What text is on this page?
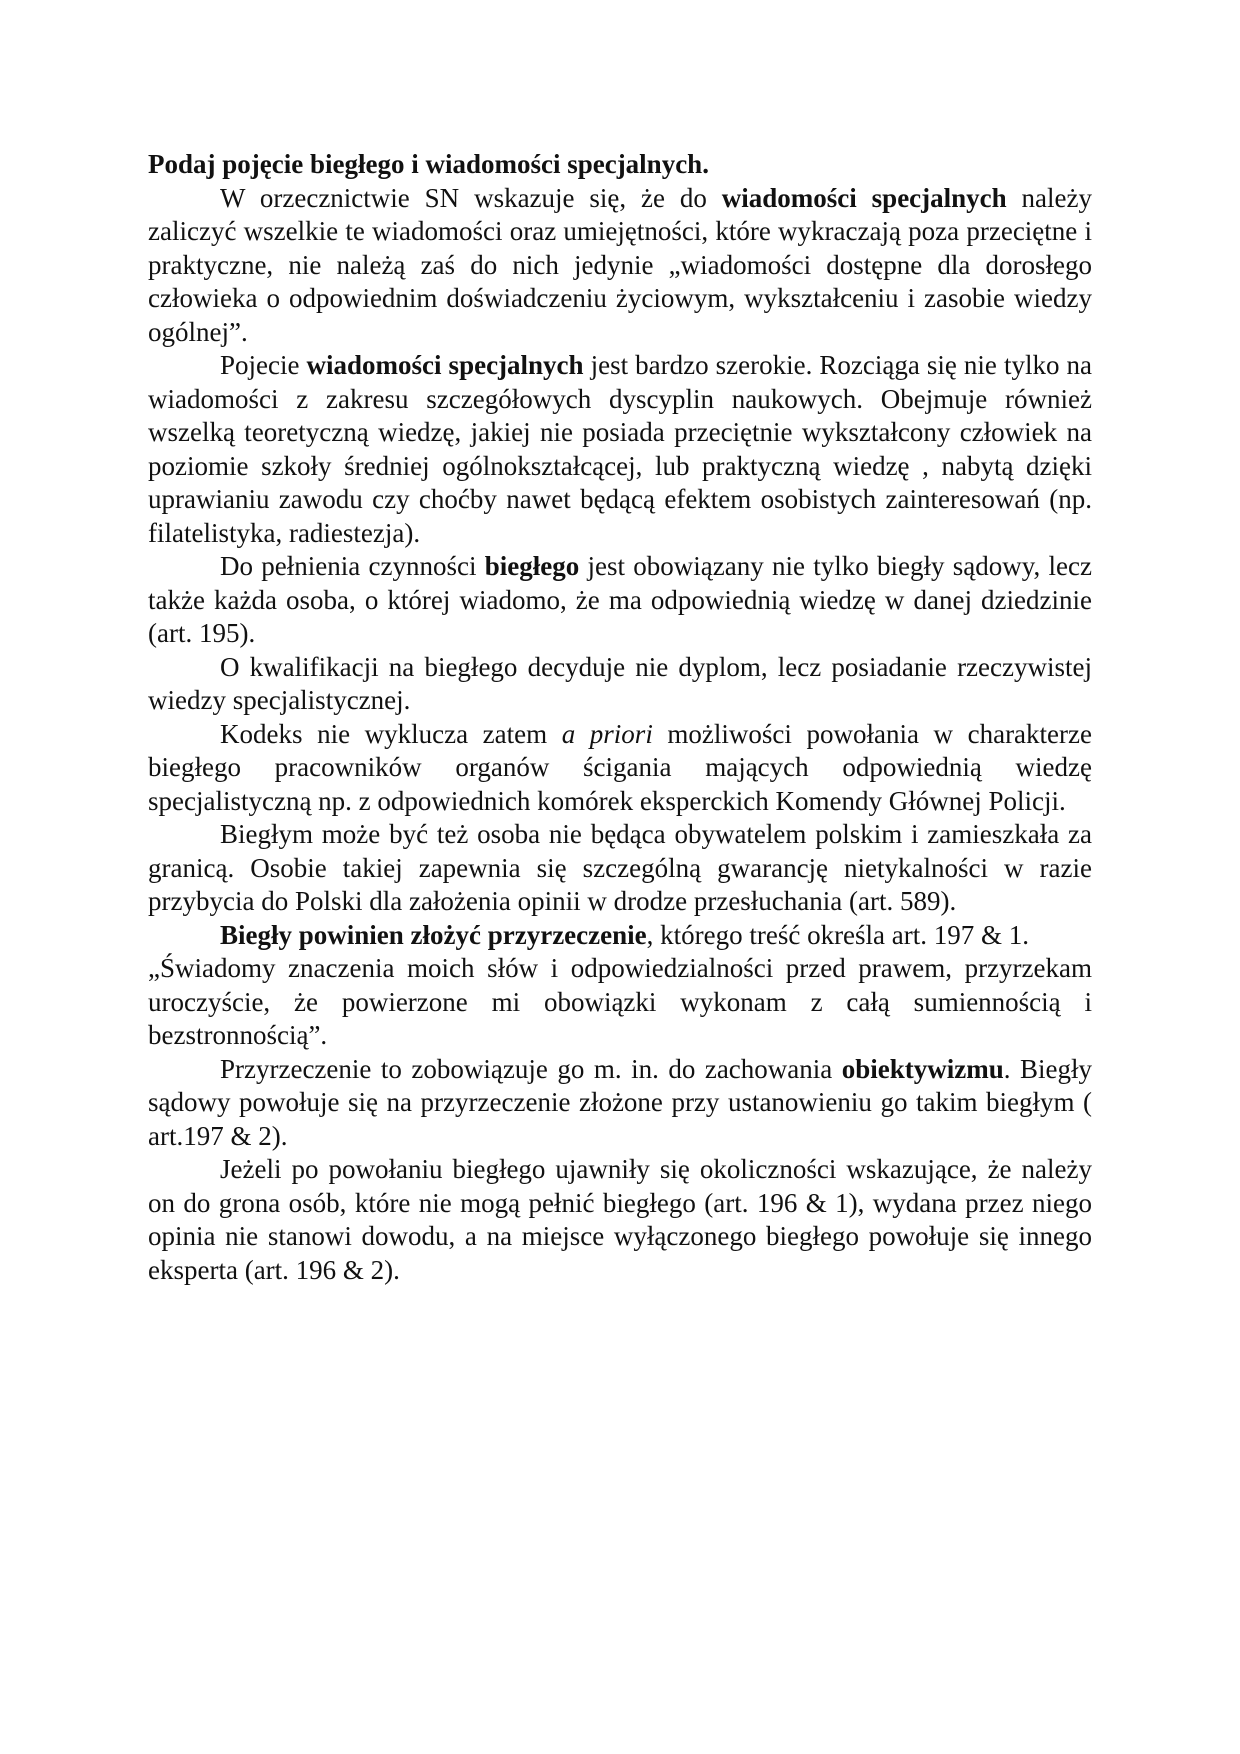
Podaj pojęcie biegłego i wiadomości specjalnych.

W orzecznictwie SN wskazuje się, że do wiadomości specjalnych należy zaliczyć wszelkie te wiadomości oraz umiejętności, które wykraczają poza przeciętne i praktyczne, nie należą zaś do nich jedynie „wiadomości dostępne dla dorosłego człowieka o odpowiednim doświadczeniu życiowym, wykształceniu i zasobie wiedzy ogólnej”.

Pojecie wiadomości specjalnych jest bardzo szerokie. Rozciąga się nie tylko na wiadomości z zakresu szczegółowych dyscyplin naukowych. Obejmuje również wszelką teoretyczną wiedzę, jakiej nie posiada przeciętnie wykształcony człowiek na poziomie szkoły średniej ogólnokształcącej, lub praktyczną wiedzę , nabytą dzięki uprawianiu zawodu czy choćby nawet będącą efektem osobistych zainteresowań (np. filatelistyka, radiestezja).

Do pełnienia czynności biegłego jest obowiązany nie tylko biegły sądowy, lecz także każda osoba, o której wiadomo, że ma odpowiednią wiedzę w danej dziedzinie (art. 195).

O kwalifikacji na biegłego decyduje nie dyplom, lecz posiadanie rzeczywistej wiedzy specjalistycznej.

Kodeks nie wyklucza zatem a priori możliwości powołania w charakterze biegłego pracowników organów ścigania mających odpowiednią wiedzę specjalistyczną np. z odpowiednich komórek eksperckich Komendy Głównej Policji.

Biegłym może być też osoba nie będąca obywatelem polskim i zamieszkała za granicą. Osobie takiej zapewnia się szczególną gwarancję nietykalności w razie przybycia do Polski dla założenia opinii w drodze przesłuchania (art. 589).

Biegły powinien złożyć przyrzeczenie, którego treść określa art. 197 & 1.

„Świadomy znaczenia moich słów i odpowiedzialności przed prawem, przyrzekam uroczyście, że powierzone mi obowiązki wykonam z całą sumiennością i bezstronnością”.

Przyrzeczenie to zobowiązuje go m. in. do zachowania obiektywizmu. Biegły sądowy powołuje się na przyrzeczenie złożone przy ustanowieniu go takim biegłym ( art.197 & 2).

Jeżeli po powołaniu biegłego ujawniły się okoliczności wskazujące, że należy on do grona osób, które nie mogą pełnić biegłego (art. 196 & 1), wydana przez niego opinia nie stanowi dowodu, a na miejsce wyłączonego biegłego powołuje się innego eksperta (art. 196 & 2).
